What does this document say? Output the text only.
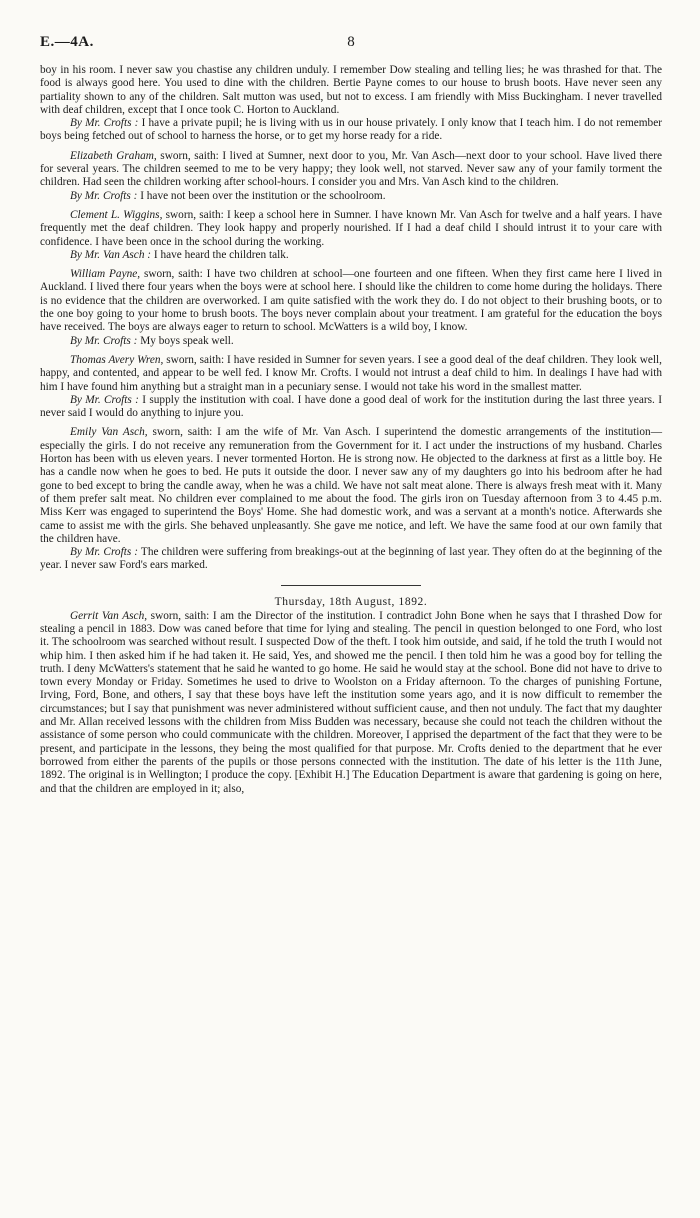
E.—4A.	8

boy in his room. I never saw you chastise any children unduly. I remember Dow stealing and telling lies; he was thrashed for that. The food is always good here. You used to dine with the children. Bertie Payne comes to our house to brush boots. Have never seen any partiality shown to any of the children. Salt mutton was used, but not to excess. I am friendly with Miss Buckingham. I never travelled with deaf children, except that I once took C. Horton to Auckland.

By Mr. Crofts : I have a private pupil; he is living with us in our house privately. I only know that I teach him. I do not remember boys being fetched out of school to harness the horse, or to get my horse ready for a ride.

Elizabeth Graham, sworn, saith: I lived at Sumner, next door to you, Mr. Van Asch—next door to your school. Have lived there for several years. The children seemed to me to be very happy; they look well, not starved. Never saw any of your family torment the children. Had seen the children working after school-hours. I consider you and Mrs. Van Asch kind to the children.

By Mr. Crofts : I have not been over the institution or the schoolroom.

Clement L. Wiggins, sworn, saith: I keep a school here in Sumner. I have known Mr. Van Asch for twelve and a half years. I have frequently met the deaf children. They look happy and properly nourished. If I had a deaf child I should intrust it to your care with confidence. I have been once in the school during the working.

By Mr. Van Asch : I have heard the children talk.

William Payne, sworn, saith: I have two children at school—one fourteen and one fifteen. When they first came here I lived in Auckland. I lived there four years when the boys were at school here. I should like the children to come home during the holidays. There is no evidence that the children are overworked. I am quite satisfied with the work they do. I do not object to their brushing boots, or to the one boy going to your home to brush boots. The boys never complain about your treatment. I am grateful for the education the boys have received. The boys are always eager to return to school. McWatters is a wild boy, I know.

By Mr. Crofts : My boys speak well.

Thomas Avery Wren, sworn, saith: I have resided in Sumner for seven years. I see a good deal of the deaf children. They look well, happy, and contented, and appear to be well fed. I know Mr. Crofts. I would not intrust a deaf child to him. In dealings I have had with him I have found him anything but a straight man in a pecuniary sense. I would not take his word in the smallest matter.

By Mr. Crofts : I supply the institution with coal. I have done a good deal of work for the institution during the last three years. I never said I would do anything to injure you.

Emily Van Asch, sworn, saith: I am the wife of Mr. Van Asch. I superintend the domestic arrangements of the institution—especially the girls. I do not receive any remuneration from the Government for it. I act under the instructions of my husband. Charles Horton has been with us eleven years. I never tormented Horton. He is strong now. He objected to the darkness at first as a little boy. He has a candle now when he goes to bed. He puts it outside the door. I never saw any of my daughters go into his bedroom after he had gone to bed except to bring the candle away, when he was a child. We have not salt meat alone. There is always fresh meat with it. Many of them prefer salt meat. No children ever complained to me about the food. The girls iron on Tuesday afternoon from 3 to 4.45 p.m. Miss Kerr was engaged to superintend the Boys' Home. She had domestic work, and was a servant at a month's notice. Afterwards she came to assist me with the girls. She behaved unpleasantly. She gave me notice, and left. We have the same food at our own family that the children have.

By Mr. Crofts : The children were suffering from breakings-out at the beginning of last year. They often do at the beginning of the year. I never saw Ford's ears marked.

Thursday, 18th August, 1892.

Gerrit Van Asch, sworn, saith: I am the Director of the institution. I contradict John Bone when he says that I thrashed Dow for stealing a pencil in 1883. Dow was caned before that time for lying and stealing. The pencil in question belonged to one Ford, who lost it. The schoolroom was searched without result. I suspected Dow of the theft. I took him outside, and said, if he told the truth I would not whip him. I then asked him if he had taken it. He said, Yes, and showed me the pencil. I then told him he was a good boy for telling the truth. I deny McWatters's statement that he said he wanted to go home. He said he would stay at the school. Bone did not have to drive to town every Monday or Friday. Sometimes he used to drive to Woolston on a Friday afternoon. To the charges of punishing Fortune, Irving, Ford, Bone, and others, I say that these boys have left the institution some years ago, and it is now difficult to remember the circumstances; but I say that punishment was never administered without sufficient cause, and then not unduly. The fact that my daughter and Mr. Allan received lessons with the children from Miss Budden was necessary, because she could not teach the children without the assistance of some person who could communicate with the children. Moreover, I apprised the department of the fact that they were to be present, and participate in the lessons, they being the most qualified for that purpose. Mr. Crofts denied to the department that he ever borrowed from either the parents of the pupils or those persons connected with the institution. The date of his letter is the 11th June, 1892. The original is in Wellington; I produce the copy. [Exhibit H.] The Education Department is aware that gardening is going on here, and that the children are employed in it; also,
